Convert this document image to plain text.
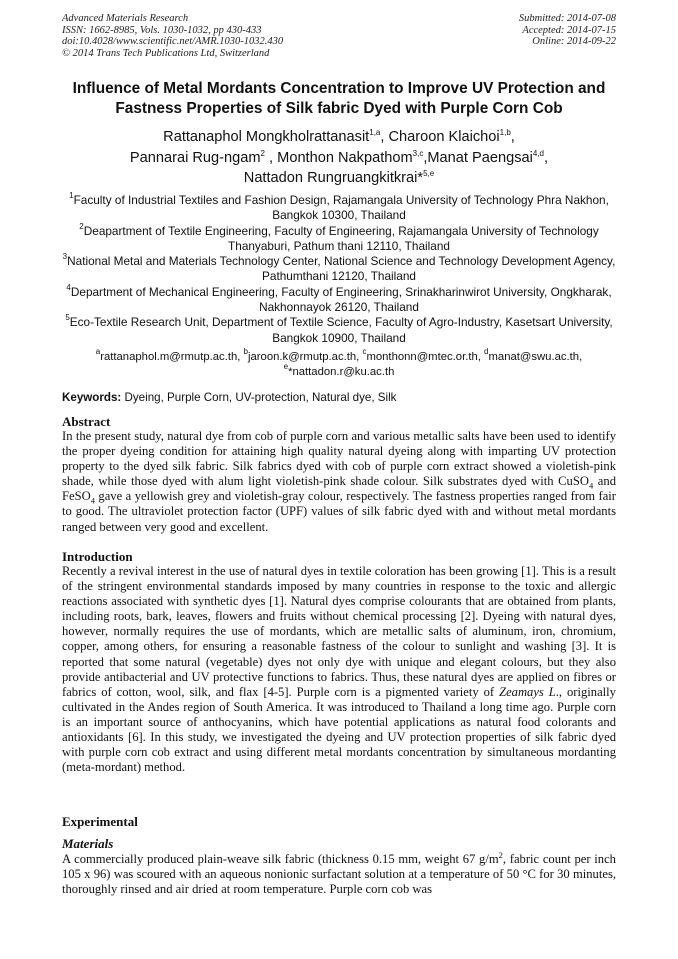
Advanced Materials Research
ISSN: 1662-8985, Vols. 1030-1032, pp 430-433
doi:10.4028/www.scientific.net/AMR.1030-1032.430
© 2014 Trans Tech Publications Ltd, Switzerland
Submitted: 2014-07-08
Accepted: 2014-07-15
Online: 2014-09-22
Influence of Metal Mordants Concentration to Improve UV Protection and Fastness Properties of Silk fabric Dyed with Purple Corn Cob
Rattanaphol Mongkholrattanasit$^{1,a}$, Charoon Klaichoi$^{1,b}$,
Pannarai Rug-ngam$^2$ , Monthon Nakpathom$^{3,c}$,Manat Paengsai$^{4,d}$,
Nattadon Rungruangkitkrai*$^{5,e}$
$^1$Faculty of Industrial Textiles and Fashion Design, Rajamangala University of Technology Phra Nakhon, Bangkok 10300, Thailand
$^2$Deapartment of Textile Engineering, Faculty of Engineering, Rajamangala University of Technology Thanyaburi, Pathum thani 12110, Thailand
$^3$National Metal and Materials Technology Center, National Science and Technology Development Agency, Pathumthani 12120, Thailand
$^4$Department of Mechanical Engineering, Faculty of Engineering, Srinakharinwirot University, Ongkharak, Nakhonnayok 26120, Thailand
$^5$Eco-Textile Research Unit, Department of Textile Science, Faculty of Agro-Industry, Kasetsart University, Bangkok 10900, Thailand
$^a$rattanaphol.m@rmutp.ac.th, $^b$jaroon.k@rmutp.ac.th, $^c$monthonn@mtec.or.th, $^d$manat@swu.ac.th,
$^e$*nattadon.r@ku.ac.th
Keywords: Dyeing, Purple Corn, UV-protection, Natural dye, Silk
Abstract
In the present study, natural dye from cob of purple corn and various metallic salts have been used to identify the proper dyeing condition for attaining high quality natural dyeing along with imparting UV protection property to the dyed silk fabric. Silk fabrics dyed with cob of purple corn extract showed a violetish-pink shade, while those dyed with alum light violetish-pink shade colour. Silk substrates dyed with CuSO$_4$ and FeSO$_4$ gave a yellowish grey and violetish-gray colour, respectively. The fastness properties ranged from fair to good. The ultraviolet protection factor (UPF) values of silk fabric dyed with and without metal mordants ranged between very good and excellent.
Introduction
Recently a revival interest in the use of natural dyes in textile coloration has been growing [1]. This is a result of the stringent environmental standards imposed by many countries in response to the toxic and allergic reactions associated with synthetic dyes [1]. Natural dyes comprise colourants that are obtained from plants, including roots, bark, leaves, flowers and fruits without chemical processing [2]. Dyeing with natural dyes, however, normally requires the use of mordants, which are metallic salts of aluminum, iron, chromium, copper, among others, for ensuring a reasonable fastness of the colour to sunlight and washing [3]. It is reported that some natural (vegetable) dyes not only dye with unique and elegant colours, but they also provide antibacterial and UV protective functions to fabrics. Thus, these natural dyes are applied on fibres or fabrics of cotton, wool, silk, and flax [4-5]. Purple corn is a pigmented variety of Zeamays L., originally cultivated in the Andes region of South America. It was introduced to Thailand a long time ago. Purple corn is an important source of anthocyanins, which have potential applications as natural food colorants and antioxidants [6]. In this study, we investigated the dyeing and UV protection properties of silk fabric dyed with purple corn cob extract and using different metal mordants concentration by simultaneous mordanting (meta-mordant) method.
Experimental
Materials
A commercially produced plain-weave silk fabric (thickness 0.15 mm, weight 67 $g/m^2$, fabric count per inch 105 x 96) was scoured with an aqueous nonionic surfactant solution at a temperature of 50 °C for 30 minutes, thoroughly rinsed and air dried at room temperature. Purple corn cob was
